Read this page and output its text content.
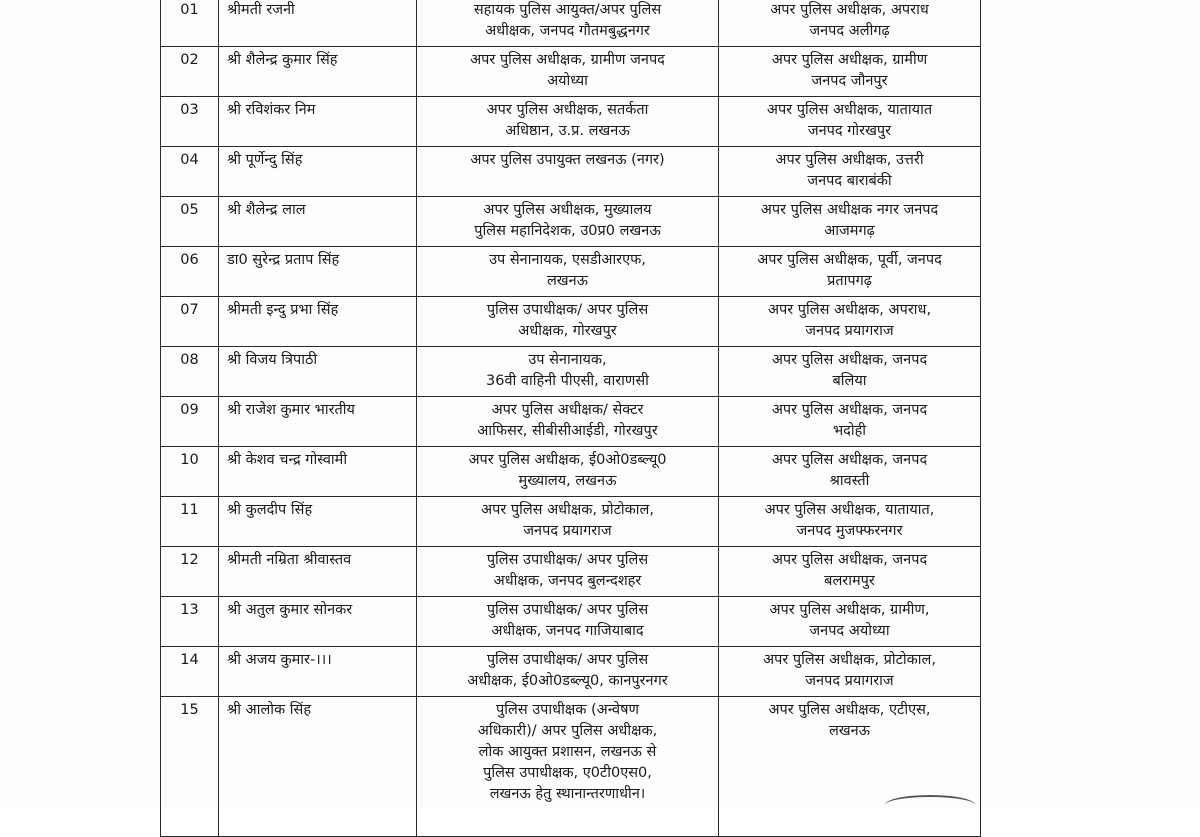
01	श्रीमती रजनी	सहायक पुलिस आयुक्त/अपर पुलिस
अधीक्षक, जनपद गौतमबुद्धनगर	अपर पुलिस अधीक्षक, अपराध
जनपद अलीगढ़
02	श्री शैलेन्द्र कुमार सिंह	अपर पुलिस अधीक्षक, ग्रामीण जनपद
अयोध्या	अपर पुलिस अधीक्षक, ग्रामीण
जनपद जौनपुर
03	श्री रविशंकर निम	अपर पुलिस अधीक्षक, सतर्कता
अधिष्ठान, उ.प्र. लखनऊ	अपर पुलिस अधीक्षक, यातायात
जनपद गोरखपुर
04	श्री पूर्णेन्दु सिंह	अपर पुलिस उपायुक्त लखनऊ (नगर)	अपर पुलिस अधीक्षक, उत्तरी
जनपद बाराबंकी
05	श्री शैलेन्द्र लाल	अपर पुलिस अधीक्षक, मुख्यालय
पुलिस महानिदेशक, उ0प्र0 लखनऊ	अपर पुलिस अधीक्षक नगर जनपद
आजमगढ़
06	डा0 सुरेन्द्र प्रताप सिंह	उप सेनानायक, एसडीआरएफ,
लखनऊ	अपर पुलिस अधीक्षक, पूर्वी, जनपद
प्रतापगढ़
07	श्रीमती इन्दु प्रभा सिंह	पुलिस उपाधीक्षक/ अपर पुलिस
अधीक्षक, गोरखपुर	अपर पुलिस अधीक्षक, अपराध,
जनपद प्रयागराज
08	श्री विजय त्रिपाठी	उप सेनानायक,
36वी वाहिनी पीएसी, वाराणसी	अपर पुलिस अधीक्षक, जनपद
बलिया
09	श्री राजेश कुमार भारतीय	अपर पुलिस अधीक्षक/ सेक्टर
आफिसर, सीबीसीआईडी, गोरखपुर	अपर पुलिस अधीक्षक, जनपद
भदोही
10	श्री केशव चन्द्र गोस्वामी	अपर पुलिस अधीक्षक, ई0ओ0डब्ल्यू0
मुख्यालय, लखनऊ	अपर पुलिस अधीक्षक, जनपद
श्रावस्ती
11	श्री कुलदीप सिंह	अपर पुलिस अधीक्षक, प्रोटोकाल,
जनपद प्रयागराज	अपर पुलिस अधीक्षक, यातायात,
जनपद मुजफ्फरनगर
12	श्रीमती नम्रिता श्रीवास्तव	पुलिस उपाधीक्षक/ अपर पुलिस
अधीक्षक, जनपद बुलन्दशहर	अपर पुलिस अधीक्षक, जनपद
बलरामपुर
13	श्री अतुल कुमार सोनकर	पुलिस उपाधीक्षक/ अपर पुलिस
अधीक्षक, जनपद गाजियाबाद	अपर पुलिस अधीक्षक, ग्रामीण,
जनपद अयोध्या
14	श्री अजय कुमार-।।।	पुलिस उपाधीक्षक/ अपर पुलिस
अधीक्षक, ई0ओ0डब्ल्यू0, कानपुरनगर	अपर पुलिस अधीक्षक, प्रोटोकाल,
जनपद प्रयागराज
15	श्री आलोक सिंह	पुलिस उपाधीक्षक (अन्वेषण
अधिकारी)/ अपर पुलिस अधीक्षक,
लोक आयुक्त प्रशासन, लखनऊ से
पुलिस उपाधीक्षक, ए0टी0एस0,
लखनऊ हेतु स्थानान्तरणाधीन।	अपर पुलिस अधीक्षक, एटीएस,
लखनऊ
